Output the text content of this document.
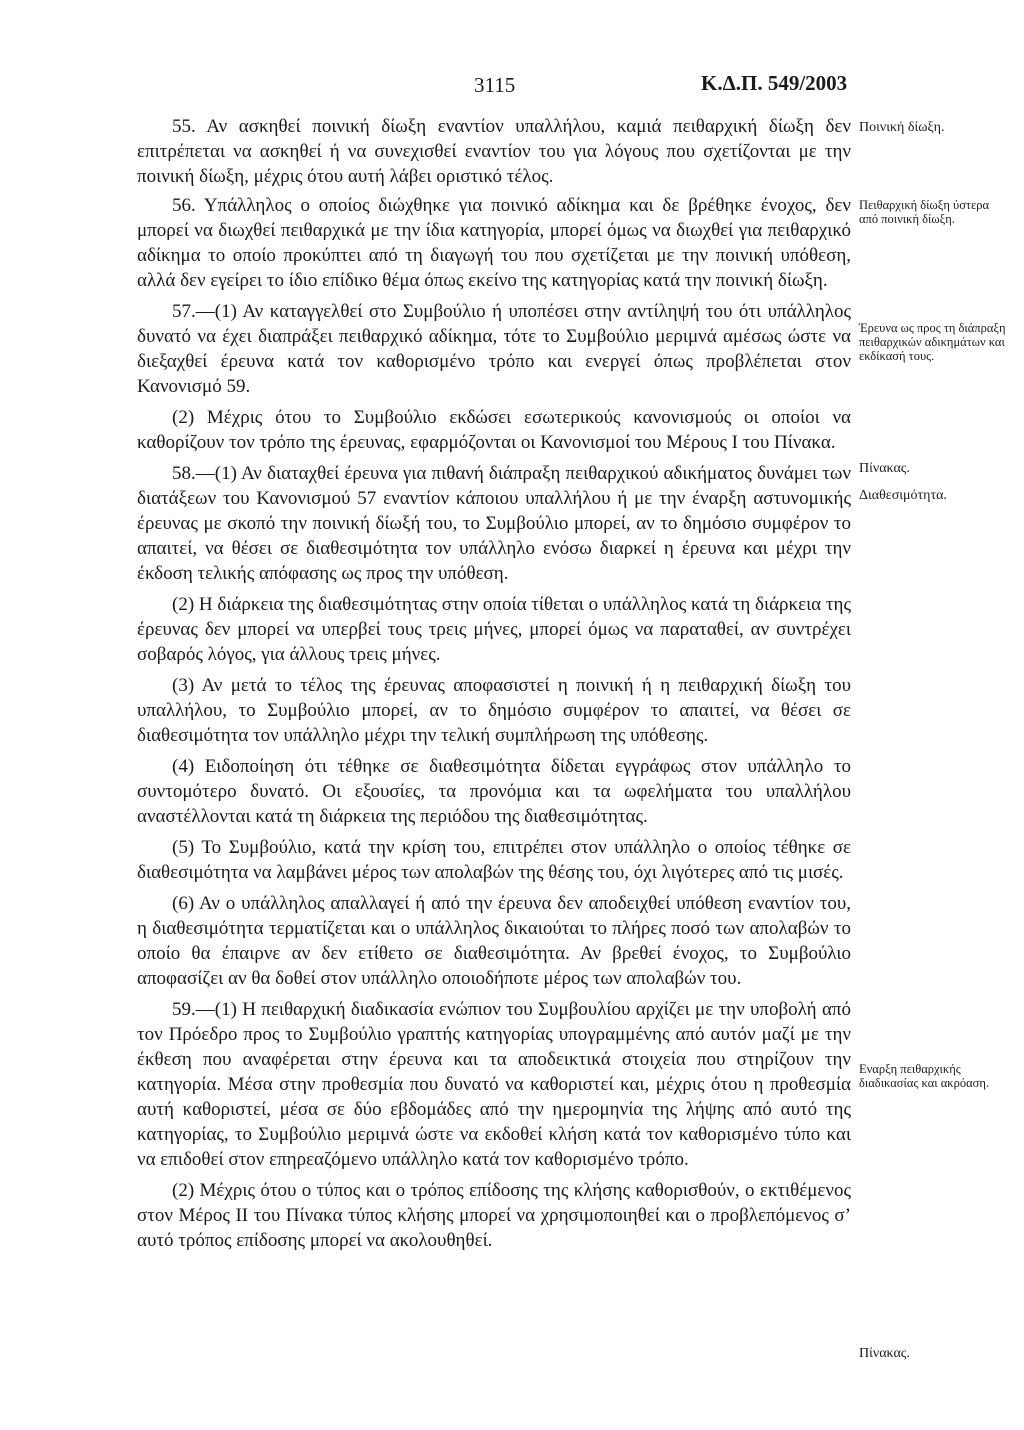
3115	Κ.Δ.Π. 549/2003

55. Αν ασκηθεί ποινική δίωξη εναντίον υπαλλήλου, καμιά πειθαρχική δίωξη δεν επιτρέπεται να ασκηθεί ή να συνεχισθεί εναντίον του για λόγους που σχετίζονται με την ποινική δίωξη, μέχρις ότου αυτή λάβει οριστικό τέλος.

56. Υπάλληλος ο οποίος διώχθηκε για ποινικό αδίκημα και δε βρέθηκε ένοχος, δεν μπορεί να διωχθεί πειθαρχικά με την ίδια κατηγορία, μπορεί όμως να διωχθεί για πειθαρχικό αδίκημα το οποίο προκύπτει από τη διαγωγή του που σχετίζεται με την ποινική υπόθεση, αλλά δεν εγείρει το ίδιο επίδικο θέμα όπως εκείνο της κατηγορίας κατά την ποινική δίωξη.

57.—(1) Αν καταγγελθεί στο Συμβούλιο ή υποπέσει στην αντίληψή του ότι υπάλληλος δυνατό να έχει διαπράξει πειθαρχικό αδίκημα, τότε το Συμβούλιο μεριμνά αμέσως ώστε να διεξαχθεί έρευνα κατά τον καθορισμένο τρόπο και ενεργεί όπως προβλέπεται στον Κανονισμό 59.

(2) Μέχρις ότου το Συμβούλιο εκδώσει εσωτερικούς κανονισμούς οι οποίοι να καθορίζουν τον τρόπο της έρευνας, εφαρμόζονται οι Κανονισμοί του Μέρους I του Πίνακα.

58.—(1) Αν διαταχθεί έρευνα για πιθανή διάπραξη πειθαρχικού αδικήματος δυνάμει των διατάξεων του Κανονισμού 57 εναντίον κάποιου υπαλλήλου ή με την έναρξη αστυνομικής έρευνας με σκοπό την ποινική δίωξή του, το Συμβούλιο μπορεί, αν το δημόσιο συμφέρον το απαιτεί, να θέσει σε διαθεσιμότητα τον υπάλληλο ενόσω διαρκεί η έρευνα και μέχρι την έκδοση τελικής απόφασης ως προς την υπόθεση.

(2) Η διάρκεια της διαθεσιμότητας στην οποία τίθεται ο υπάλληλος κατά τη διάρκεια της έρευνας δεν μπορεί να υπερβεί τους τρεις μήνες, μπορεί όμως να παραταθεί, αν συντρέχει σοβαρός λόγος, για άλλους τρεις μήνες.

(3) Αν μετά το τέλος της έρευνας αποφασιστεί η ποινική ή η πειθαρχική δίωξη του υπαλλήλου, το Συμβούλιο μπορεί, αν το δημόσιο συμφέρον το απαιτεί, να θέσει σε διαθεσιμότητα τον υπάλληλο μέχρι την τελική συμπλήρωση της υπόθεσης.

(4) Ειδοποίηση ότι τέθηκε σε διαθεσιμότητα δίδεται εγγράφως στον υπάλληλο το συντομότερο δυνατό. Οι εξουσίες, τα προνόμια και τα ωφελήματα του υπαλλήλου αναστέλλονται κατά τη διάρκεια της περιόδου της διαθεσιμότητας.

(5) Το Συμβούλιο, κατά την κρίση του, επιτρέπει στον υπάλληλο ο οποίος τέθηκε σε διαθεσιμότητα να λαμβάνει μέρος των απολαβών της θέσης του, όχι λιγότερες από τις μισές.

(6) Αν ο υπάλληλος απαλλαγεί ή από την έρευνα δεν αποδειχθεί υπόθεση εναντίον του, η διαθεσιμότητα τερματίζεται και ο υπάλληλος δικαιούται το πλήρες ποσό των απολαβών το οποίο θα έπαιρνε αν δεν ετίθετο σε διαθεσιμότητα. Αν βρεθεί ένοχος, το Συμβούλιο αποφασίζει αν θα δοθεί στον υπάλληλο οποιοδήποτε μέρος των απολαβών του.

59.—(1) Η πειθαρχική διαδικασία ενώπιον του Συμβουλίου αρχίζει με την υποβολή από τον Πρόεδρο προς το Συμβούλιο γραπτής κατηγορίας υπογραμμένης από αυτόν μαζί με την έκθεση που αναφέρεται στην έρευνα και τα αποδεικτικά στοιχεία που στηρίζουν την κατηγορία. Μέσα στην προθεσμία που δυνατό να καθοριστεί και, μέχρις ότου η προθεσμία αυτή καθοριστεί, μέσα σε δύο εβδομάδες από την ημερομηνία της λήψης από αυτό της κατηγορίας, το Συμβούλιο μεριμνά ώστε να εκδοθεί κλήση κατά τον καθορισμένο τύπο και να επιδοθεί στον επηρεαζόμενο υπάλληλο κατά τον καθορισμένο τρόπο.

(2) Μέχρις ότου ο τύπος και ο τρόπος επίδοσης της κλήσης καθορισθούν, ο εκτιθέμενος στον Μέρος II του Πίνακα τύπος κλήσης μπορεί να χρησιμοποιηθεί και ο προβλεπόμενος σ’ αυτό τρόπος επίδοσης μπορεί να ακολουθηθεί.

Ποινική δίωξη.
Πειθαρχική δίωξη ύστερα από ποινική δίωξη.
Έρευνα ως προς τη διάπραξη πειθαρχικών αδικημάτων και εκδίκασή τους.
Πίνακας.
Διαθεσιμότητα.
Εναρξη πειθαρχικής διαδικασίας και ακρόαση.
Πίνακας.
